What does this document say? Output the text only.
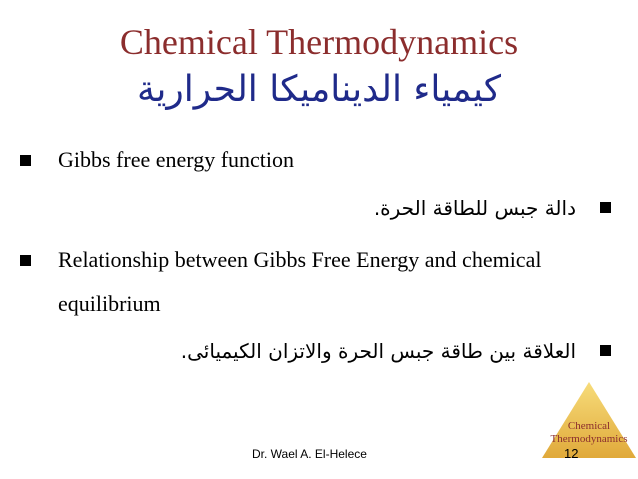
Chemical Thermodynamics
كيمياء الديناميكا الحرارية
Gibbs free energy function
دالة جبس للطاقة الحرة.
Relationship between Gibbs Free Energy and chemical
equilibrium
العلاقة بين طاقة جبس الحرة والاتزان الكيميائى.
Dr. Wael A. El-Helece
Chemical
Thermodynamics
12
